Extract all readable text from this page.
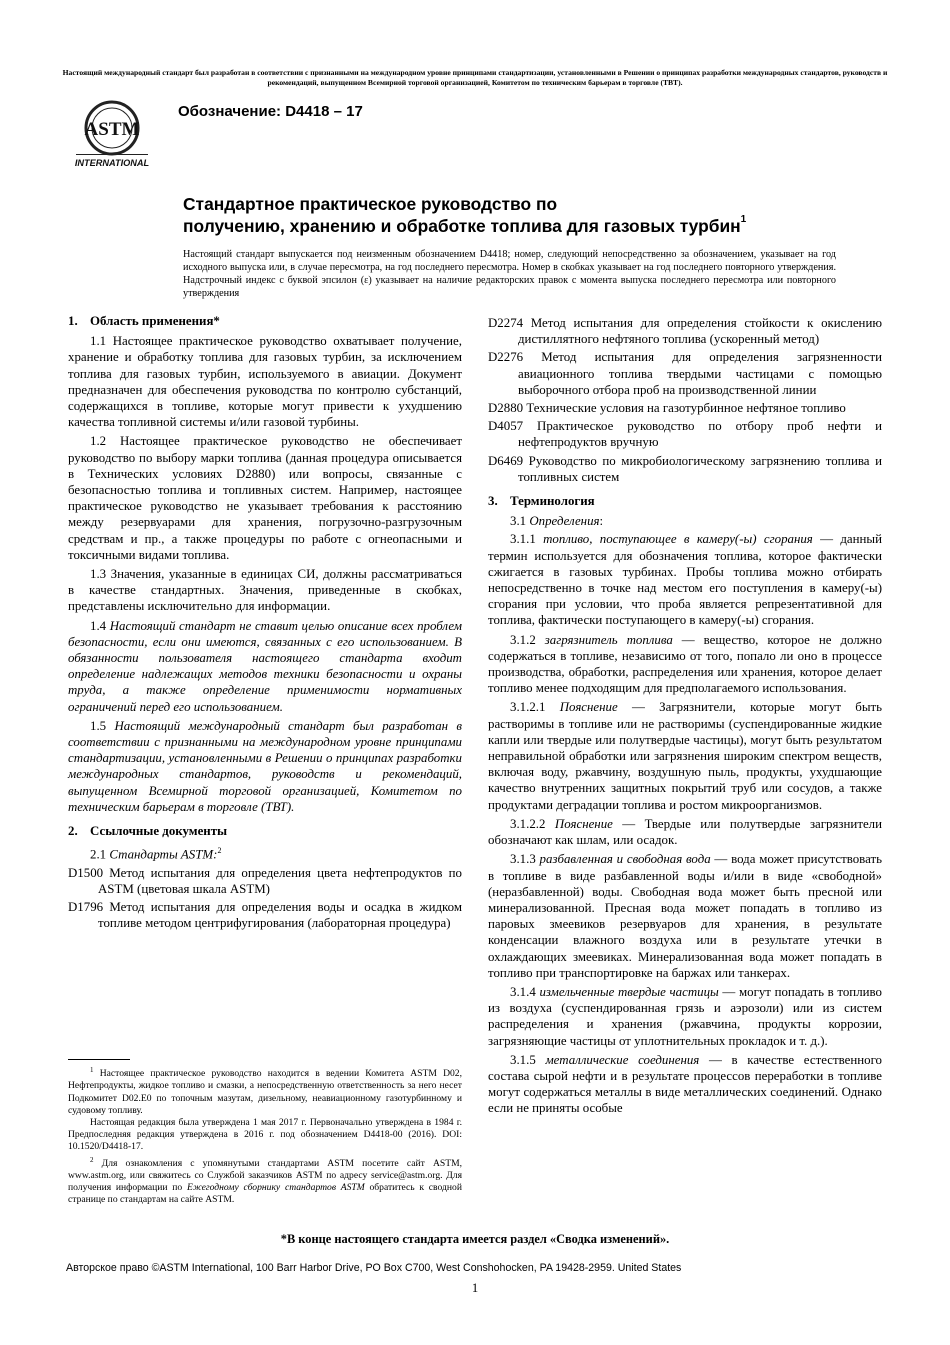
Настоящий международный стандарт был разработан в соответствии с признанными на международном уровне принципами стандартизации, установленными в Решении о принципах разработки международных стандартов, руководств и рекомендаций, выпущенном Всемирной торговой организацией, Комитетом по техническим барьерам в торговле (ТВТ).
ASTM
INTERNATIONAL
Обозначение: D4418 – 17
Стандартное практическое руководство по
получению, хранению и обработке топлива для газовых турбин$^1$
Настоящий стандарт выпускается под неизменным обозначением D4418; номер, следующий непосредственно за обозначением, указывает на год исходного выпуска или, в случае пересмотра, на год последнего пересмотра. Номер в скобках указывает на год последнего повторного утверждения. Надстрочный индекс с буквой эпсилон (ε) указывает на наличие редакторских правок с момента выпуска последнего пересмотра или повторного утверждения
1. Область применения*

1.1 Настоящее практическое руководство охватывает получение, хранение и обработку топлива для газовых турбин, за исключением топлива для газовых турбин, используемого в авиации. Документ предназначен для обеспечения руководства по контролю субстанций, содержащихся в топливе, которые могут привести к ухудшению качества топливной системы и/или газовой турбины.

1.2 Настоящее практическое руководство не обеспечивает руководство по выбору марки топлива (данная процедура описывается в Технических условиях D2880) или вопросы, связанные с безопасностью топлива и топливных систем. Например, настоящее практическое руководство не указывает требования к расстоянию между резервуарами для хранения, погрузочно-разгрузочным средствам и пр., а также процедуры по работе с огнеопасными и токсичными видами топлива.

1.3 Значения, указанные в единицах СИ, должны рассматриваться в качестве стандартных. Значения, приведенные в скобках, представлены исключительно для информации.

1.4 Настоящий стандарт не ставит целью описание всех проблем безопасности, если они имеются, связанных с его использованием. В обязанности пользователя настоящего стандарта входит определение надлежащих методов техники безопасности и охраны труда, а также определение применимости нормативных ограничений перед его использованием.

1.5 Настоящий международный стандарт был разработан в соответствии с признанными на международном уровне принципами стандартизации, установленными в Решении о принципах разработки международных стандартов, руководств и рекомендаций, выпущенном Всемирной торговой организацией, Комитетом по техническим барьерам в торговле (ТВТ).

2. Ссылочные документы
2.1 Стандарты ASTM:$^2$
D1500 Метод испытания для определения цвета нефтепродуктов по ASTM (цветовая шкала ASTM)
D1796 Метод испытания для определения воды и осадка в жидком топливе методом центрифугирования (лабораторная процедура)

$^1$ Настоящее практическое руководство находится в ведении Комитета ASTM D02, Нефтепродукты, жидкое топливо и смазки, а непосредственную ответственность за него несет Подкомитет D02.E0 по топочным мазутам, дизельному, неавиационному газотурбинному и судовому топливу.

Настоящая редакция была утверждена 1 мая 2017 г. Первоначально утверждена в 1984 г. Предпоследняя редакция утверждена в 2016 г. под обозначением D4418-00 (2016). DOI: 10.1520/D4418-17.

$^2$ Для ознакомления с упомянутыми стандартами ASTM посетите сайт ASTM, www.astm.org, или свяжитесь со Службой заказчиков ASTM по адресу service@astm.org. Для получения информации по Ежегодному сборнику стандартов ASTM обратитесь к сводной странице по стандартам на сайте ASTM.

D2274 Метод испытания для определения стойкости к окислению дистиллятного нефтяного топлива (ускоренный метод)
D2276 Метод испытания для определения загрязненности авиационного топлива твердыми частицами с помощью выборочного отбора проб на производственной линии
D2880 Технические условия на газотурбинное нефтяное топливо
D4057 Практическое руководство по отбору проб нефти и нефтепродуктов вручную
D6469 Руководство по микробиологическому загрязнению топлива и топливных систем
3. Терминология
3.1 Определения:

3.1.1 топливо, поступающее в камеру(-ы) сгорания — данный термин используется для обозначения топлива, которое фактически сжигается в газовых турбинах. Пробы топлива можно отбирать непосредственно в точке над местом его поступления в камеру(-ы) сгорания при условии, что проба является репрезентативной для топлива, фактически поступающего в камеру(-ы) сгорания.

3.1.2 загрязнитель топлива — вещество, которое не должно содержаться в топливе, независимо от того, попало ли оно в процессе производства, обработки, распределения или хранения, которое делает топливо менее подходящим для предполагаемого использования.

3.1.2.1 Пояснение — Загрязнители, которые могут быть растворимы в топливе или не растворимы (суспендированные жидкие капли или твердые или полутвердые частицы), могут быть результатом неправильной обработки или загрязнения широким спектром веществ, включая воду, ржавчину, воздушную пыль, продукты, ухудшающие качество внутренних защитных покрытий труб или сосудов, а также продуктами деградации топлива и ростом микроорганизмов.

3.1.2.2 Пояснение — Твердые или полутвердые загрязнители обозначают как шлам, или осадок.

3.1.3 разбавленная и свободная вода — вода может присутствовать в топливе в виде разбавленной воды и/или в виде «свободной» (неразбавленной) воды. Свободная вода может быть пресной или минерализованной. Пресная вода может попадать в топливо из паровых змеевиков резервуаров для хранения, в результате конденсации влажного воздуха или в результате утечки в охлаждающих змеевиках. Минерализованная вода может попадать в топливо при транспортировке на баржах или танкерах.

3.1.4 измельченные твердые частицы — могут попадать в топливо из воздуха (суспендированная грязь и аэрозоли) или из систем распределения и хранения (ржавчина, продукты коррозии, загрязняющие частицы от уплотнительных прокладок и т. д.).

3.1.5 металлические соединения — в качестве естественного состава сырой нефти и в результате процессов переработки в топливе могут содержаться металлы в виде металлических соединений. Однако если не приняты особые

*В конце настоящего стандарта имеется раздел «Сводка изменений».
Авторское право ©ASTM International, 100 Barr Harbor Drive, PO Box C700, West Conshohocken, PA 19428-2959. United States
1
